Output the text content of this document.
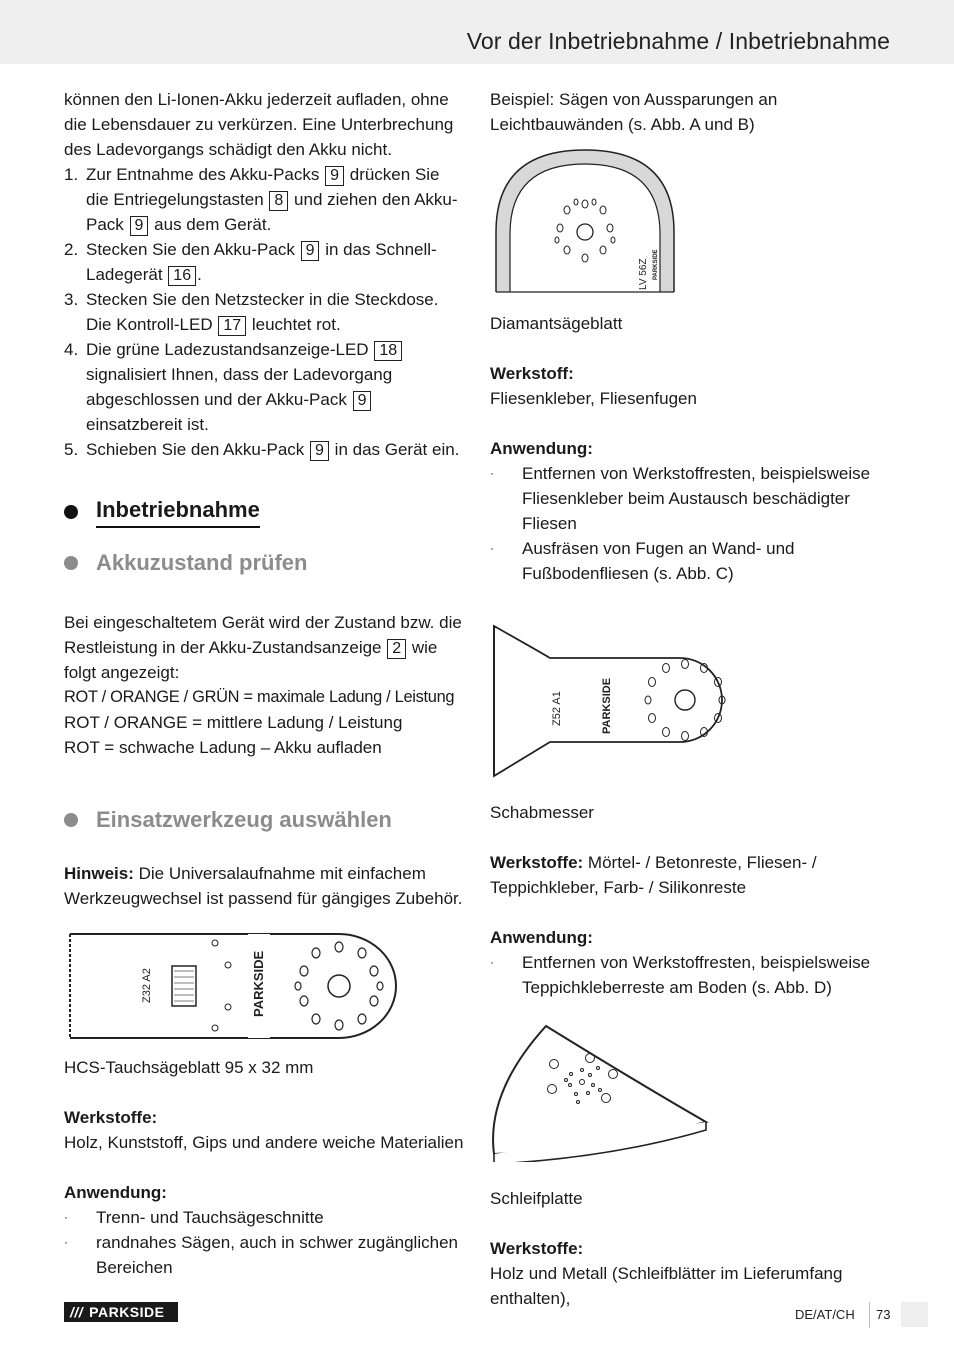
Vor der Inbetriebnahme / Inbetriebnahme

können den Li-Ionen-Akku jederzeit aufladen, ohne die Lebensdauer zu verkürzen. Eine Unterbrechung des Ladevorgangs schädigt den Akku nicht.

1. Zur Entnahme des Akku-Packs 9 drücken Sie die Entriegelungstasten 8 und ziehen den Akku-Pack 9 aus dem Gerät.
2. Stecken Sie den Akku-Pack 9 in das Schnell-Ladegerät 16 .
3. Stecken Sie den Netzstecker in die Steckdose. Die Kontroll-LED 17 leuchtet rot.
4. Die grüne Ladezustandsanzeige-LED 18 signalisiert Ihnen, dass der Ladevorgang abgeschlossen und der Akku-Pack 9 einsatzbereit ist.
5. Schieben Sie den Akku-Pack 9 in das Gerät ein.
Inbetriebnahme
Akkuzustand prüfen

Bei eingeschaltetem Gerät wird der Zustand bzw. die Restleistung in der Akku-Zustandsanzeige 2 wie folgt angezeigt:

ROT / ORANGE / GRÜN = maximale Ladung / Leistung

ROT / ORANGE = mittlere Ladung / Leistung

ROT = schwache Ladung – Akku aufladen

Einsatzwerkzeug auswählen

Hinweis: Die Universalaufnahme mit einfachem Werkzeugwechsel ist passend für gängiges Zubehör.

Z32 A2	PARKSIDE

HCS-Tauchsägeblatt 95 x 32 mm

Werkstoffe:

Holz, Kunststoff, Gips und andere weiche Materialien

Anwendung:

· Trenn- und Tauchsägeschnitte
· randnahes Sägen, auch in schwer zugänglichen Bereichen

Beispiel: Sägen von Aussparungen an Leichtbauwänden (s. Abb. A und B)

LV 56Z PARKSIDE

Diamantsägeblatt

Werkstoff:

Fliesenkleber, Fliesenfugen

Anwendung:

· Entfernen von Werkstoffresten, beispielsweise Fliesenkleber beim Austausch beschädigter Fliesen
· Ausfräsen von Fugen an Wand- und Fußbodenfliesen (s. Abb. C)
Z52 A1	PARKSIDE

Schabmesser

Werkstoffe: Mörtel- / Betonreste, Fliesen- / Teppichkleber, Farb- / Silikonreste

Anwendung:

· Entfernen von Werkstoffresten, beispielsweise Teppichkleberreste am Boden (s. Abb. D)

Schleifplatte

Werkstoffe:

Holz und Metall (Schleifblätter im Lieferumfang enthalten),

/// PARKSIDE	DE/AT/CH 73
